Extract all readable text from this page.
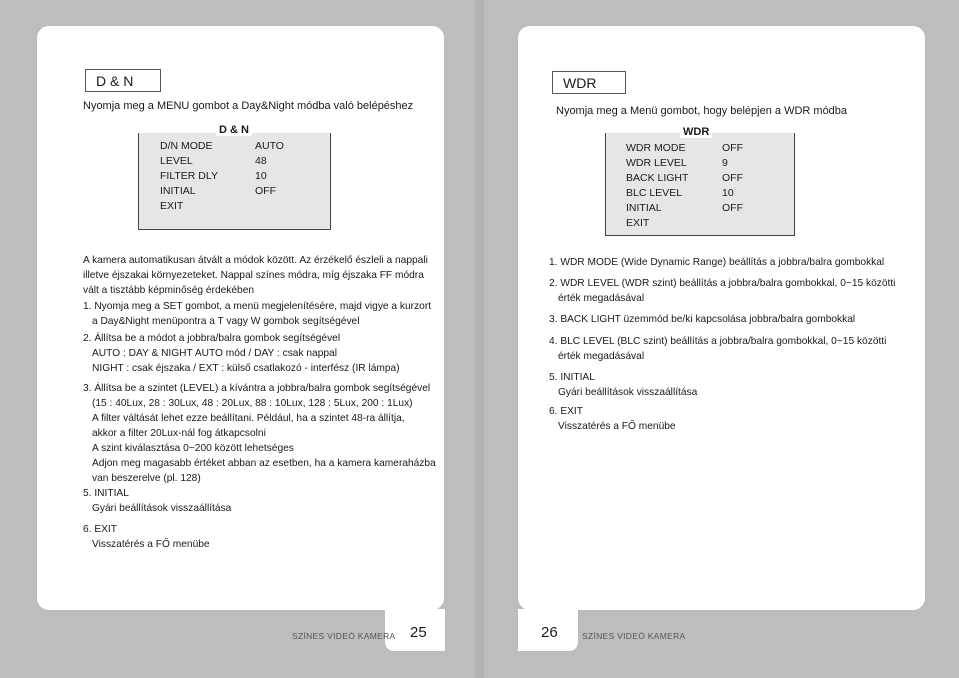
D & N
Nyomja meg a MENU gombot a Day&Night módba való belépéshez
D & N
D/N MODE	AUTO
LEVEL	48
FILTER DLY	10
INITIAL	OFF
EXIT
A kamera automatikusan átvált a módok között. Az érzékelő észleli a nappali
illetve éjszakai környezeteket. Nappal színes módra, míg éjszaka FF módra
vált a tisztább képminőség érdekében
1. Nyomja meg a SET gombot, a menü megjelenítésére, majd vigye a kurzort
a Day&Night menüpontra a T vagy W gombok segítségével
2. Állítsa be a módot a jobbra/balra gombok segítségével
AUTO : DAY & NIGHT AUTO mód / DAY : csak nappal
NIGHT : csak éjszaka / EXT : külső csatlakozó - interfész (IR lámpa)
3. Állítsa be a szintet (LEVEL) a kívántra a jobbra/balra gombok segítségével
(15 : 40Lux, 28 : 30Lux, 48 : 20Lux, 88 : 10Lux, 128 : 5Lux, 200 : 1Lux)
A filter váltását lehet ezze beállítani. Például, ha a szintet 48-ra állítja,
akkor a filter 20Lux-nál fog átkapcsolni
A szint kiválasztása 0~200 között lehetséges
Adjon meg magasabb értéket abban az esetben, ha a kamera kameraházba
van beszerelve (pl. 128)
5. INITIAL
Gyári beállítások visszaállítása
6. EXIT
Visszatérés a FŐ menübe
SZÍNES VIDEÓ KAMERA 25
WDR
Nyomja meg a Menü gombot, hogy belépjen a WDR módba
WDR
WDR MODE	OFF
WDR LEVEL	9
BACK LIGHT	OFF
BLC LEVEL	10
INITIAL	OFF
EXIT
1. WDR MODE (Wide Dynamic Range) beállítás a jobbra/balra gombokkal
2. WDR LEVEL (WDR szint) beállítás a jobbra/balra gombokkal, 0~15 közötti
érték megadásával
3. BACK LIGHT üzemmód be/ki kapcsolása jobbra/balra gombokkal
4. BLC LEVEL (BLC szint) beállítás a jobbra/balra gombokkal, 0~15 közötti
érték megadásával
5. INITIAL
Gyári beállítások visszaállítása
6. EXIT
Visszatérés a FŐ menübe
26	SZÍNES VIDEÓ KAMERA
